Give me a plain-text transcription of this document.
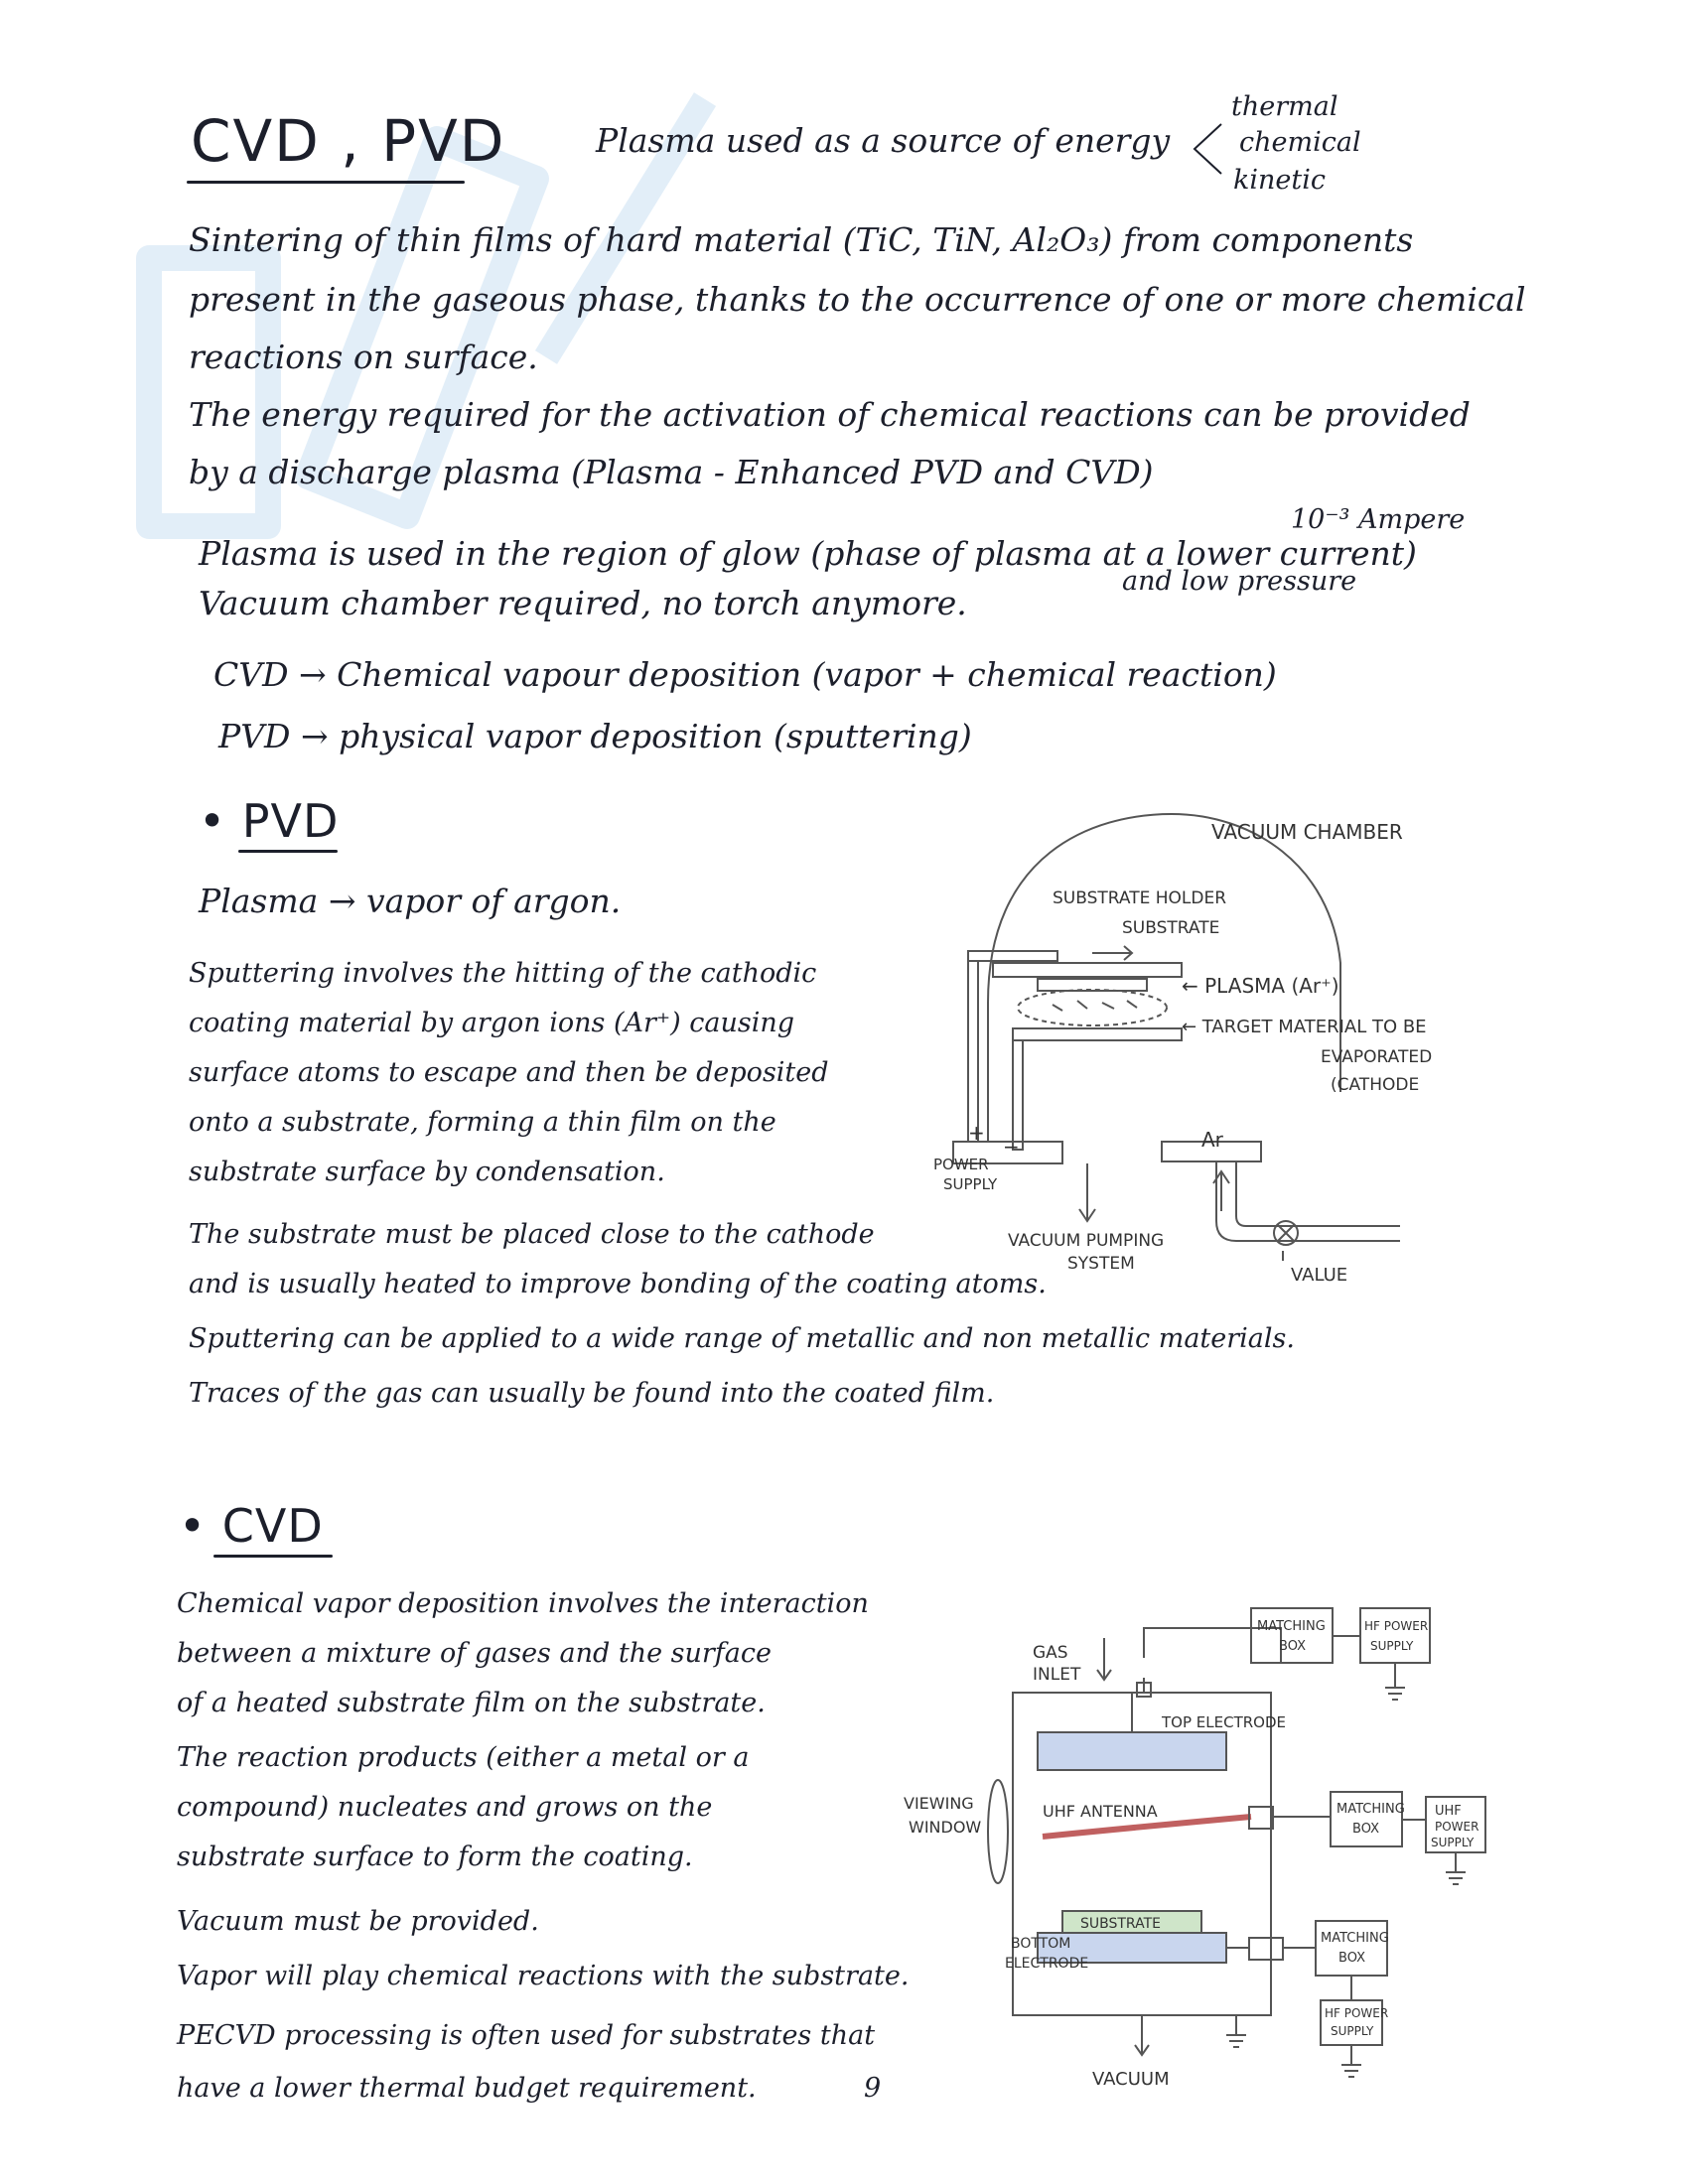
CVD , PVD	Plasma used as a source of energy
thermal
chemical
kinetic
Sintering of thin films of hard material (TiC, TiN, Al₂O₃) from components
present in the gaseous phase, thanks to the occurrence of one or more chemical
reactions on surface.
The energy required for the activation of chemical reactions can be provided
by a discharge plasma (Plasma - Enhanced PVD and CVD)
10⁻³ Ampere
Plasma is used in the region of glow (phase of plasma at a lower current)
and low pressure
Vacuum chamber required, no torch anymore.
CVD → Chemical vapour deposition (vapor + chemical reaction)
PVD → physical vapor deposition (sputtering)
• PVD
Plasma → vapor of argon.
Sputtering involves the hitting of the cathodic
coating material by argon ions (Ar⁺) causing
surface atoms to escape and then be deposited
onto a substrate, forming a thin film on the
substrate surface by condensation.
The substrate must be placed close to the cathode
and is usually heated to improve bonding of the coating atoms.
Sputtering can be applied to a wide range of metallic and non metallic materials.
Traces of the gas can usually be found into the coated film.
VACUUM CHAMBER
SUBSTRATE HOLDER
SUBSTRATE
← PLASMA (Ar⁺)
← TARGET MATERIAL TO BE
EVAPORATED
(CATHODE
Ar
+
−
POWER
SUPPLY
VACUUM PUMPING
SYSTEM
VALUE
• CVD
Chemical vapor deposition involves the interaction
between a mixture of gases and the surface
of a heated substrate film on the substrate.
The reaction products (either a metal or a
compound) nucleates and grows on the
substrate surface to form the coating.
Vacuum must be provided.
Vapor will play chemical reactions with the substrate.
PECVD processing is often used for substrates that
have a lower thermal budget requirement.	9
GAS
INLET
MATCHING
BOX
HF POWER
SUPPLY
TOP ELECTRODE
VIEWING
WINDOW
UHF ANTENNA	MATCHING
BOX
UHF
POWER
SUPPLY
SUBSTRATE
BOTTOM
ELECTRODE
MATCHING
BOX
HF POWER
SUPPLY
VACUUM
